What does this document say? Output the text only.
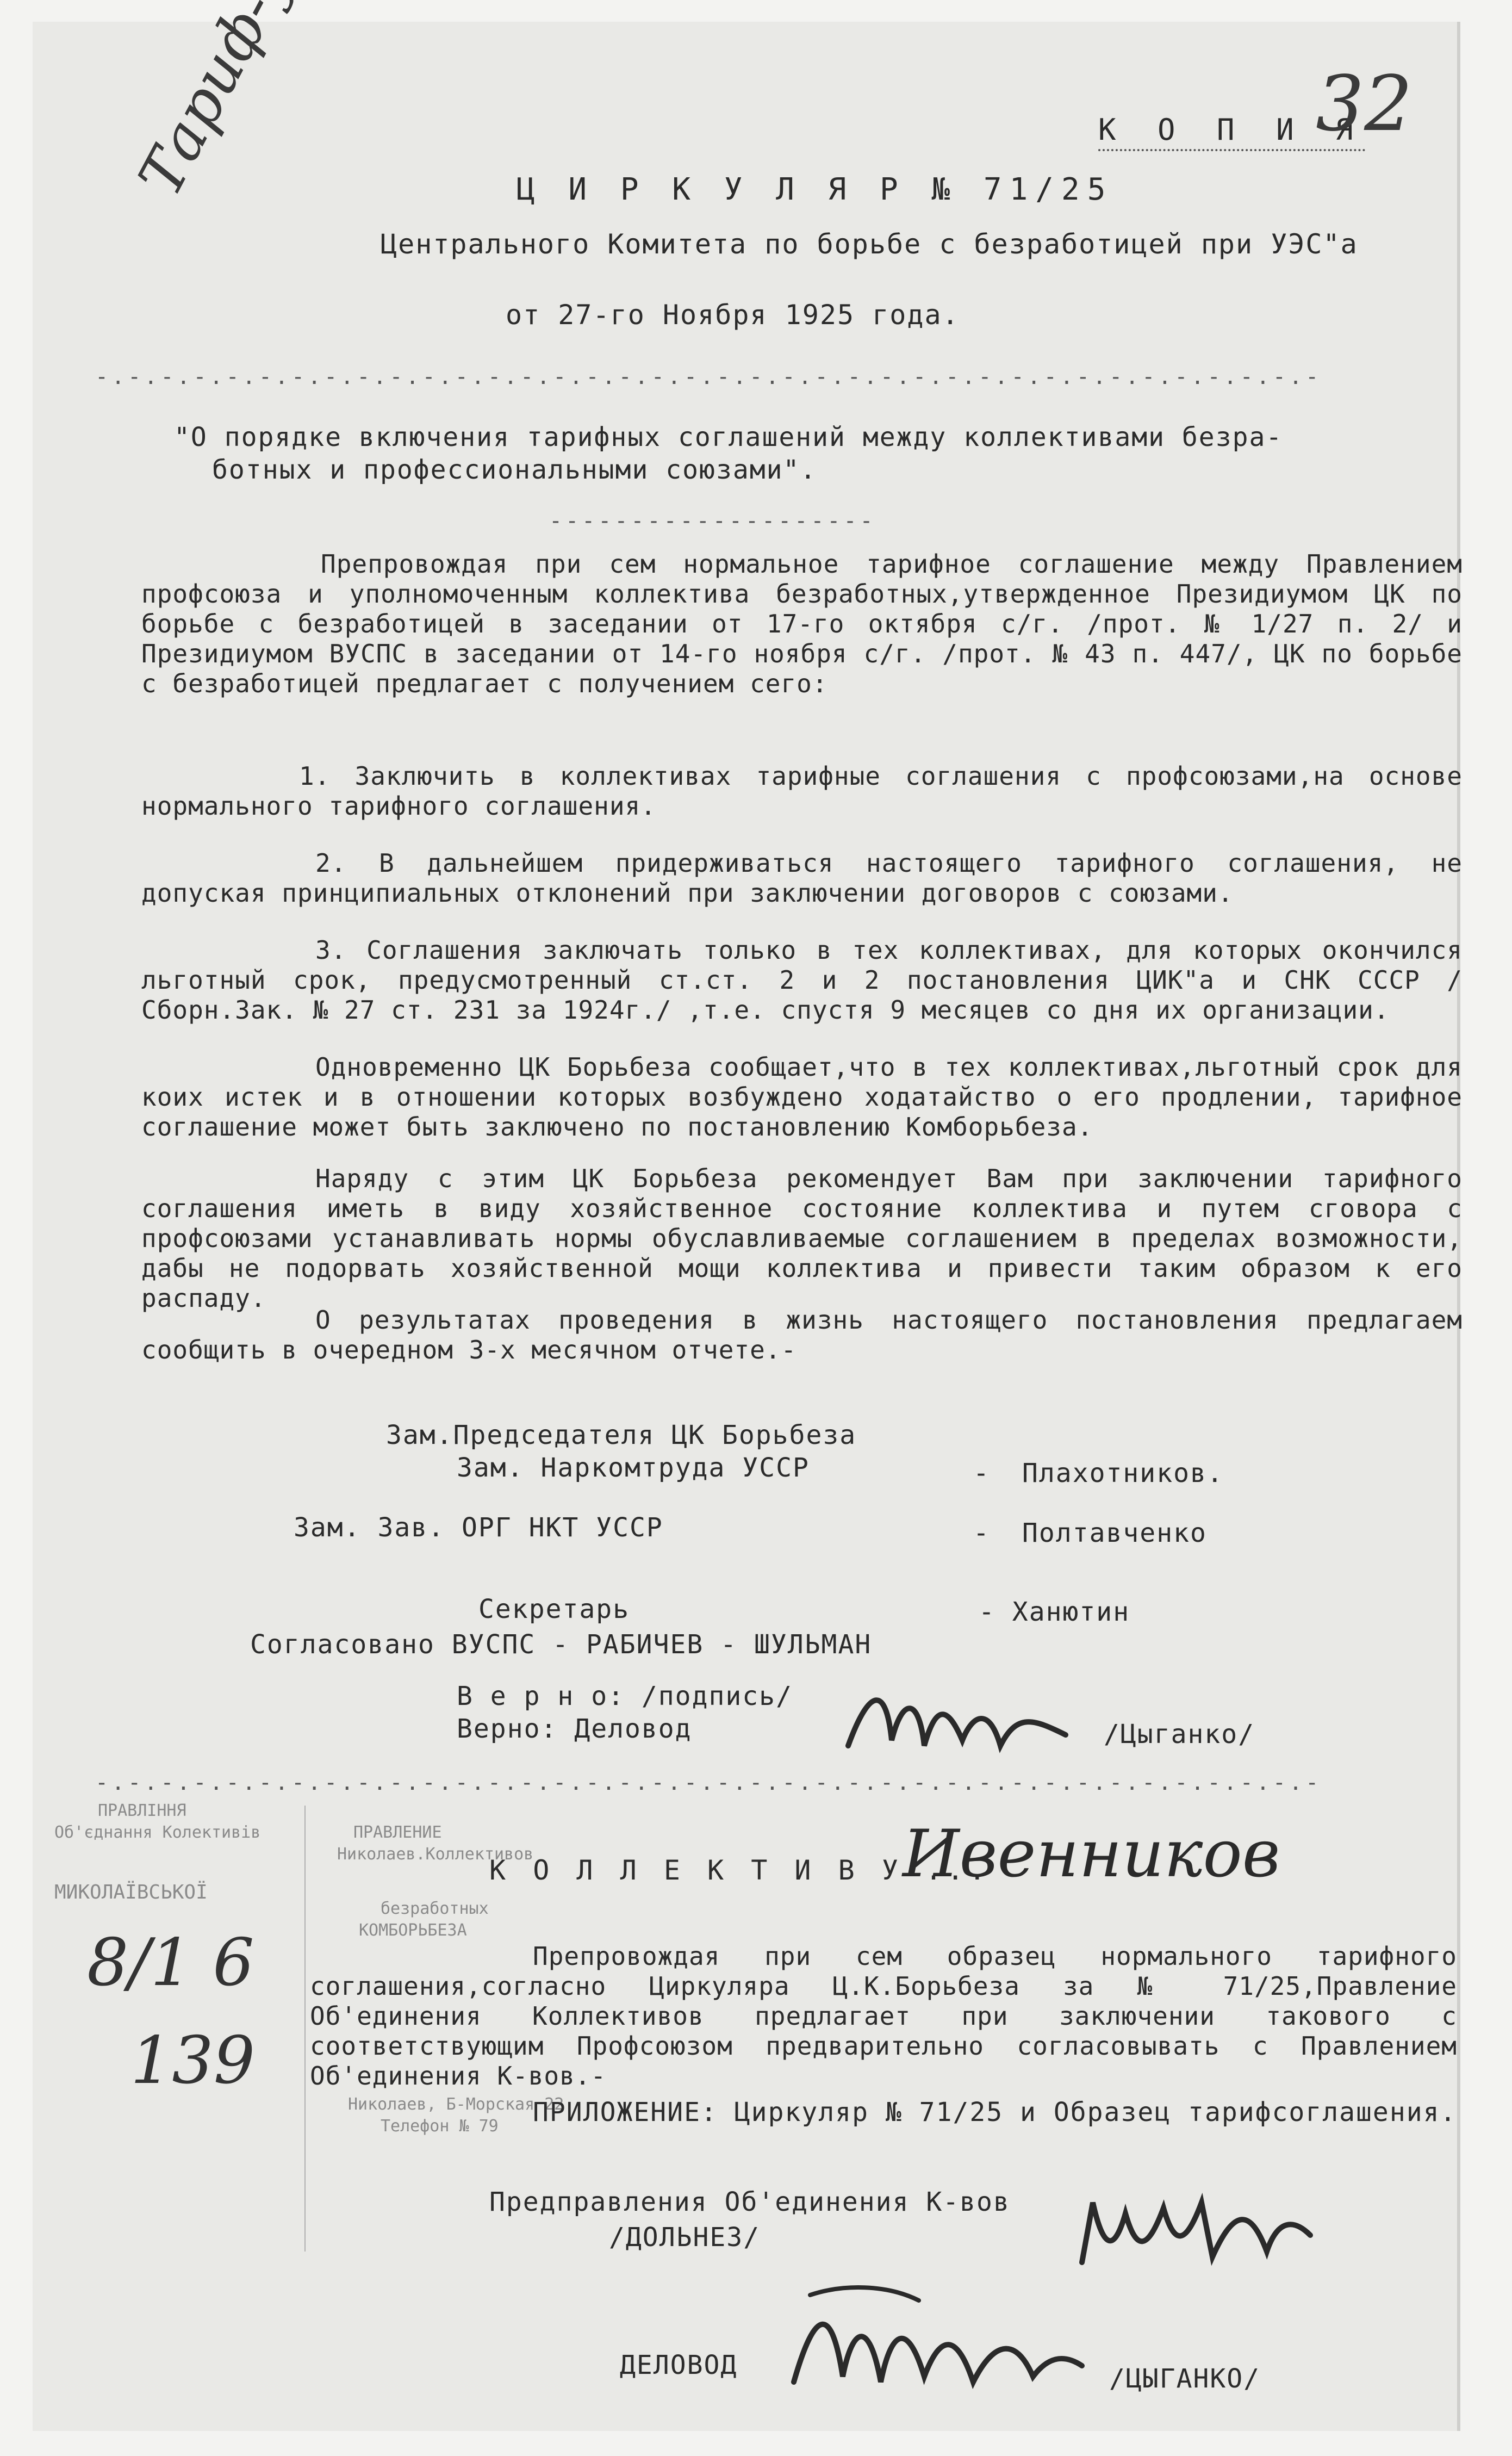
К О П И Я
32
Ц И Р К У Л Я Р № 71/25
Центрального Комитета по борьбе с безработицей при УЭС"а
от 27-го Ноября 1925 года.
-.-.-.-.-.-.-.-.-.-.-.-.-.-.-.-.-.-.-.-.-.-.-.-.-.-.-.-.-.-.-.-.-.-.-.-.-.-
"О порядке включения тарифных соглашений между коллективами безра-
ботных и профессиональными союзами".
--------------------
Препровождая при сем нормальное тарифное соглашение между Правлением профсоюза и уполномоченным коллектива безработных,утвержденное Президиумом ЦК по борьбе с безработицей в заседании от 17-го октября с/г. /прот. № 1/27 п. 2/ и Президиумом ВУСПС в заседании от 14-го ноября с/г. /прот. № 43 п. 447/, ЦК по борьбе с безработицей предлагает с получением сего:
1. Заключить в коллективах тарифные соглашения с профсоюзами,на основе нормального тарифного соглашения.
2. В дальнейшем придерживаться настоящего тарифного соглашения, не допуская принципиальных отклонений при заключении договоров с союзами.
3. Соглашения заключать только в тех коллективах, для которых окончился льготный срок, предусмотренный ст.ст. 2 и 2 постановления ЦИК"а и СНК СССР /Сборн.Зак. № 27 ст. 231 за 1924г./ ,т.е. спустя 9 месяцев со дня их организации.
Одновременно ЦК Борьбеза сообщает,что в тех коллективах,льготный срок для коих истек и в отношении которых возбуждено ходатайство о его продлении, тарифное соглашение может быть заключено по постановлению Комборьбеза.
Наряду с этим ЦК Борьбеза рекомендует Вам при заключении тарифного соглашения иметь в виду хозяйственное состояние коллектива и путем сговора с профсоюзами устанавливать нормы обуславливаемые соглашением в пределах возможности, дабы не подорвать хозяйственной мощи коллектива и привести таким образом к его распаду.
О результатах проведения в жизнь настоящего постановления предлагаем сообщить в очередном 3-х месячном отчете.-
Зам.Председателя ЦК Борьбеза
Зам. Наркомтруда УССР	- Плахотников.
Зам. Зав. ОРГ НКТ УССР	- Полтавченко
Секретарь	- Ханютин
Согласовано ВУСПС - РАБИЧЕВ - ШУЛЬМАН
В е р н о: /подпись/
Верно: Деловод	/Цыганко/
-.-.-.-.-.-.-.-.-.-.-.-.-.-.-.-.-.-.-.-.-.-.-.-.-.-.-.-.-.-.-.-.-.-.-.-.-.-
ПРАВЛІННЯ
Об'єднання Колективів
МИКОЛАЇВСЬКОЇ
ПРАВЛЕНИЕ
Николаев.Коллективов
безработных
КОМБОРЬБЕЗА
Николаев, Б-Морская 22
Телефон № 79
8/1 6
139
К О Л Л Е К Т И В У ...
Ивенников
Препровождая при сем образец нормального тарифного соглашения,согласно Циркуляра Ц.К.Борьбеза за № 71/25,Правление Об'единения Коллективов предлагает при заключении такового с соответствующим Профсоюзом предварительно согласовывать с Правлением Об'единения К-вов.-
ПРИЛОЖЕНИЕ: Циркуляр № 71/25 и Образец тарифсоглашения.
Предправления Об'единения К-вов
/ДОЛЬНЕЗ/
ДЕЛОВОД	/ЦЫГАНКО/
